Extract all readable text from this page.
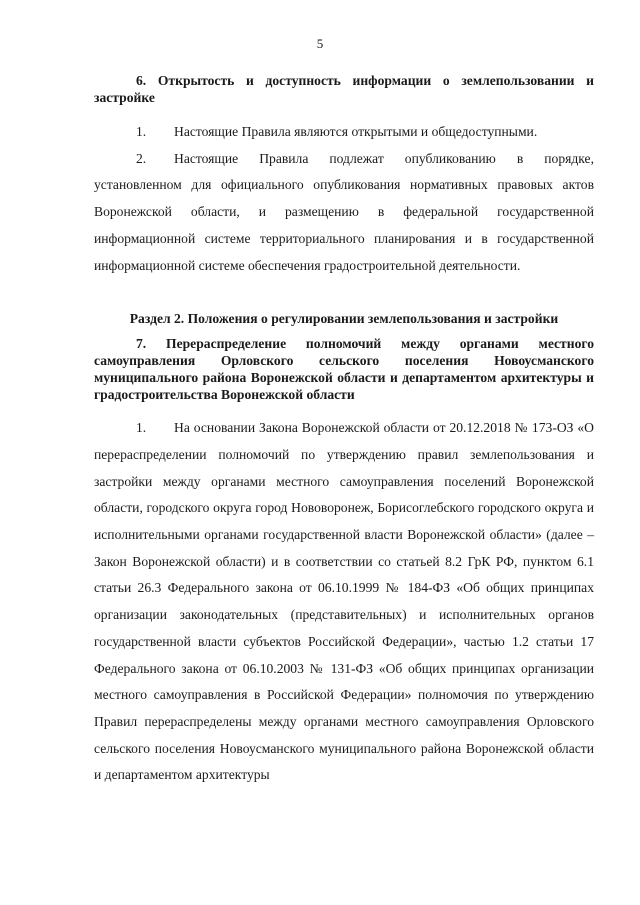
5

6. Открытость и доступность информации о землепользовании и застройке

1. Настоящие Правила являются открытыми и общедоступными.

2. Настоящие Правила подлежат опубликованию в порядке, установленном для официального опубликования нормативных правовых актов Воронежской области, и размещению в федеральной государственной информационной системе территориального планирования и в государственной информационной системе обеспечения градостроительной деятельности.

Раздел 2. Положения о регулировании землепользования и застройки

7. Перераспределение полномочий между органами местного самоуправления Орловского сельского поселения Новоусманского муниципального района Воронежской области и департаментом архитектуры и градостроительства Воронежской области

1. На основании Закона Воронежской области от 20.12.2018 № 173-ОЗ «О перераспределении полномочий по утверждению правил землепользования и застройки между органами местного самоуправления поселений Воронежской области, городского округа город Нововоронеж, Борисоглебского городского округа и исполнительными органами государственной власти Воронежской области» (далее – Закон Воронежской области) и в соответствии со статьей 8.2 ГрК РФ, пунктом 6.1 статьи 26.3 Федерального закона от 06.10.1999 № 184-ФЗ «Об общих принципах организации законодательных (представительных) и исполнительных органов государственной власти субъектов Российской Федерации», частью 1.2 статьи 17 Федерального закона от 06.10.2003 № 131-ФЗ «Об общих принципах организации местного самоуправления в Российской Федерации» полномочия по утверждению Правил перераспределены между органами местного самоуправления Орловского сельского поселения Новоусманского муниципального района Воронежской области и департаментом архитектуры
